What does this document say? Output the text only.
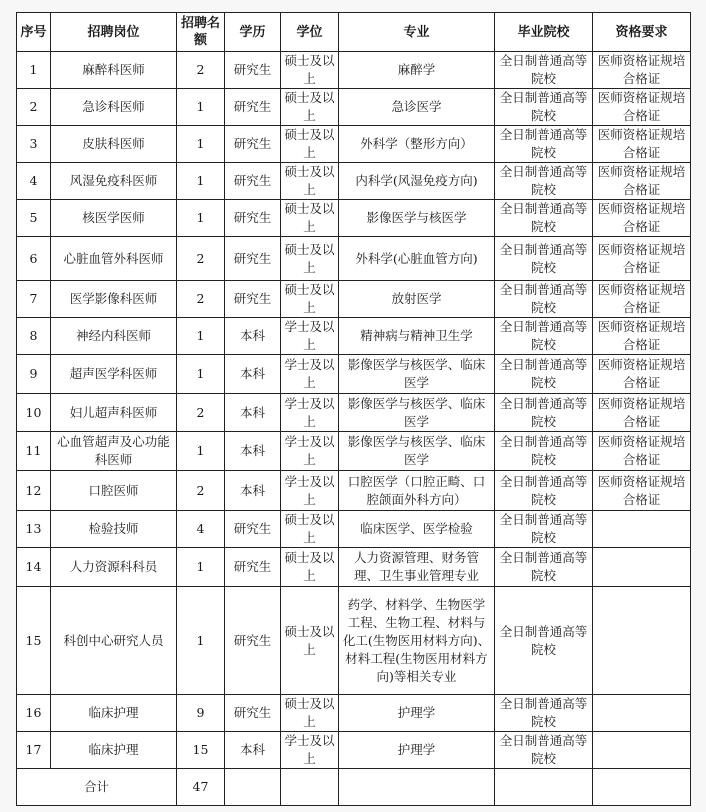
序号	招聘岗位	招聘名额	学历	学位	专业	毕业院校	资格要求
1	麻醉科医师	2	研究生	硕士及以上	麻醉学	全日制普通高等院校	医师资格证规培合格证
2	急诊科医师	1	研究生	硕士及以上	急诊医学	全日制普通高等院校	医师资格证规培合格证
3	皮肤科医师	1	研究生	硕士及以上	外科学（整形方向）	全日制普通高等院校	医师资格证规培合格证
4	风湿免疫科医师	1	研究生	硕士及以上	内科学(风湿免疫方向)	全日制普通高等院校	医师资格证规培合格证
5	核医学医师	1	研究生	硕士及以上	影像医学与核医学	全日制普通高等院校	医师资格证规培合格证
6	心脏血管外科医师	2	研究生	硕士及以上	外科学(心脏血管方向)	全日制普通高等院校	医师资格证规培合格证
7	医学影像科医师	2	研究生	硕士及以上	放射医学	全日制普通高等院校	医师资格证规培合格证
8	神经内科医师	1	本科	学士及以上	精神病与精神卫生学	全日制普通高等院校	医师资格证规培合格证
9	超声医学科医师	1	本科	学士及以上	影像医学与核医学、临床医学	全日制普通高等院校	医师资格证规培合格证
10	妇儿超声科医师	2	本科	学士及以上	影像医学与核医学、临床医学	全日制普通高等院校	医师资格证规培合格证
11	心血管超声及心功能科医师	1	本科	学士及以上	影像医学与核医学、临床医学	全日制普通高等院校	医师资格证规培合格证
12	口腔医师	2	本科	学士及以上	口腔医学（口腔正畸、口腔颌面外科方向）	全日制普通高等院校	医师资格证规培合格证
13	检验技师	4	研究生	硕士及以上	临床医学、医学检验	全日制普通高等院校	
14	人力资源科科员	1	研究生	硕士及以上	人力资源管理、财务管理、卫生事业管理专业	全日制普通高等院校	
15	科创中心研究人员	1	研究生	硕士及以上	药学、材料学、生物医学工程、生物工程、材料与化工(生物医用材料方向)、材料工程(生物医用材料方向)等相关专业	全日制普通高等院校	
16	临床护理	9	研究生	硕士及以上	护理学	全日制普通高等院校	
17	临床护理	15	本科	学士及以上	护理学	全日制普通高等院校	
合计		47					
